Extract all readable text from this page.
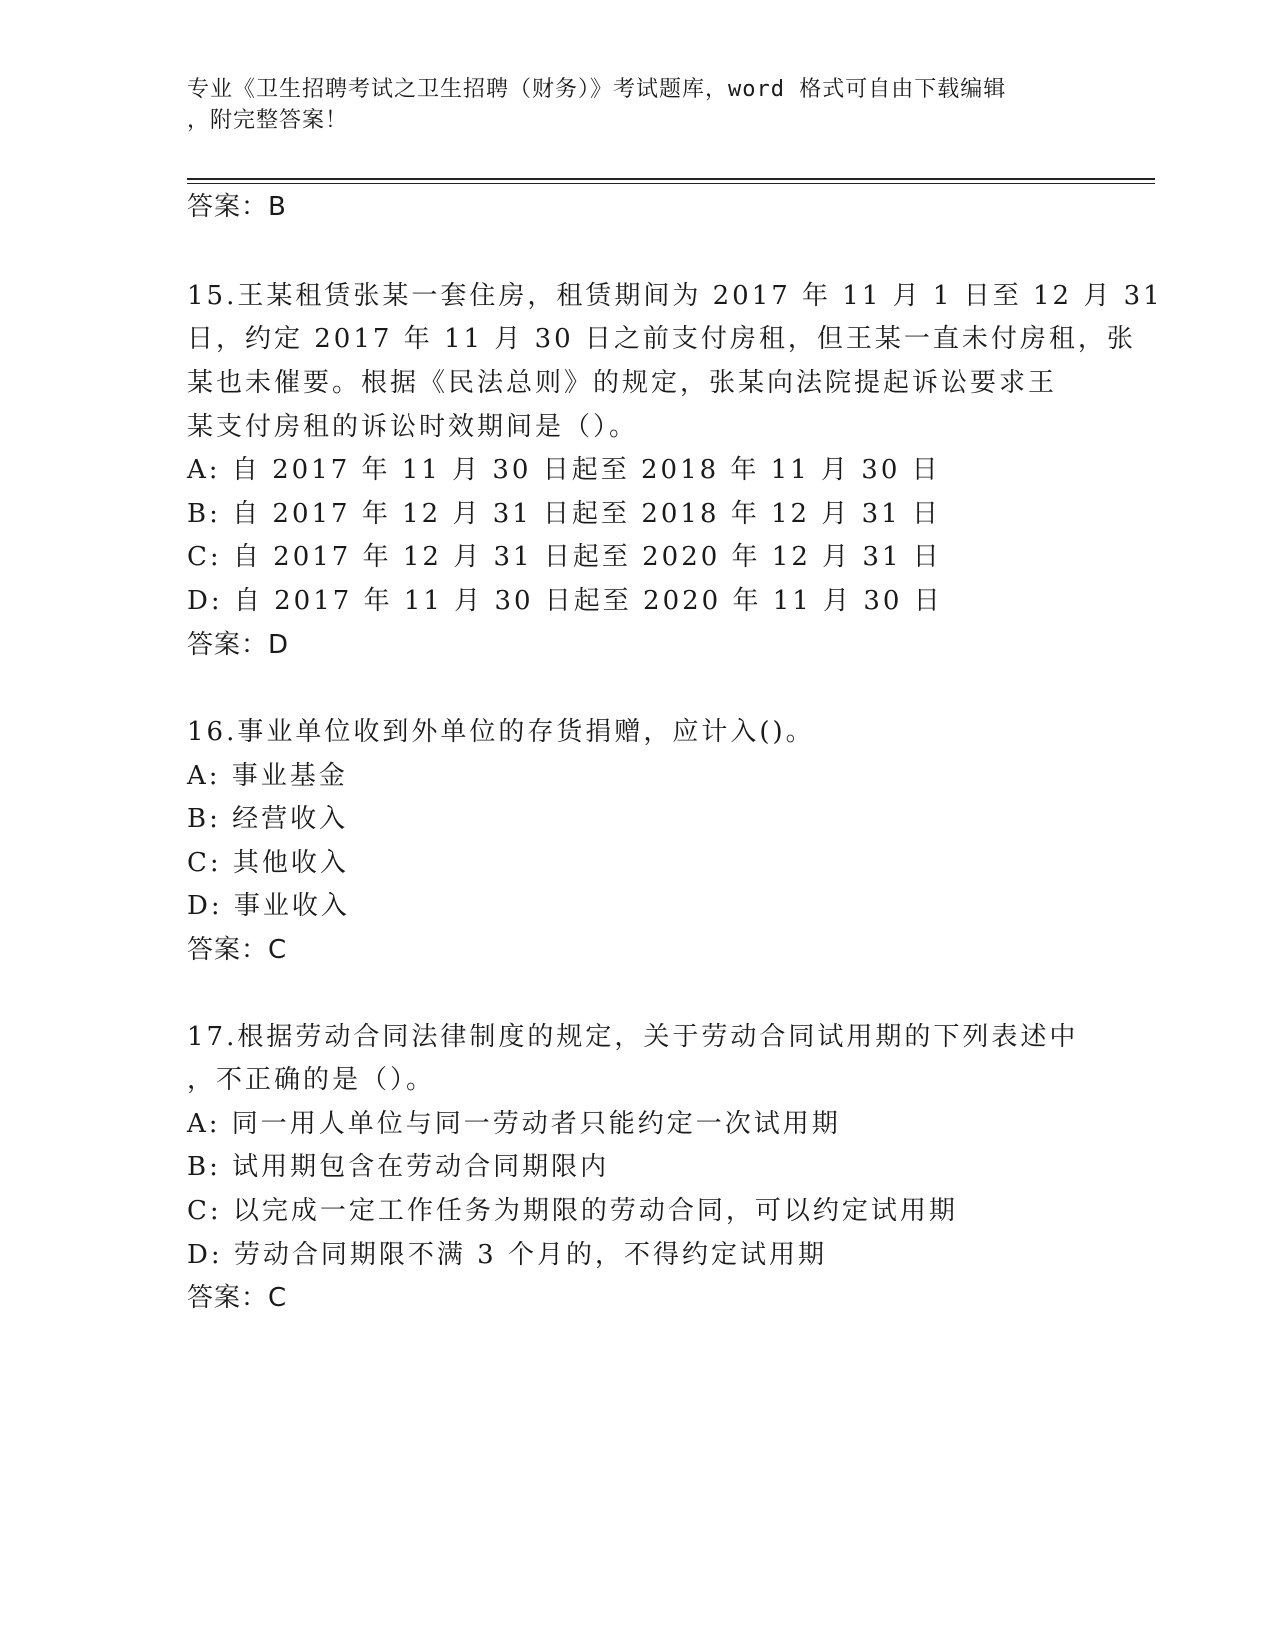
专业《卫生招聘考试之卫生招聘（财务）》考试题库，word 格式可自由下载编辑
，附完整答案！
答案：B
15.王某租赁张某一套住房，租赁期间为 2017 年 11 月 1 日至 12 月 31
日，约定 2017 年 11 月 30 日之前支付房租，但王某一直未付房租，张
某也未催要。根据《民法总则》的规定，张某向法院提起诉讼要求王
某支付房租的诉讼时效期间是（）。
A: 自 2017 年 11 月 30 日起至 2018 年 11 月 30 日
B: 自 2017 年 12 月 31 日起至 2018 年 12 月 31 日
C: 自 2017 年 12 月 31 日起至 2020 年 12 月 31 日
D: 自 2017 年 11 月 30 日起至 2020 年 11 月 30 日
答案：D
16.事业单位收到外单位的存货捐赠，应计入()。
A: 事业基金
B: 经营收入
C: 其他收入
D: 事业收入
答案：C
17.根据劳动合同法律制度的规定，关于劳动合同试用期的下列表述中
，不正确的是（）。
A: 同一用人单位与同一劳动者只能约定一次试用期
B: 试用期包含在劳动合同期限内
C: 以完成一定工作任务为期限的劳动合同，可以约定试用期
D: 劳动合同期限不满 3 个月的，不得约定试用期
答案：C
